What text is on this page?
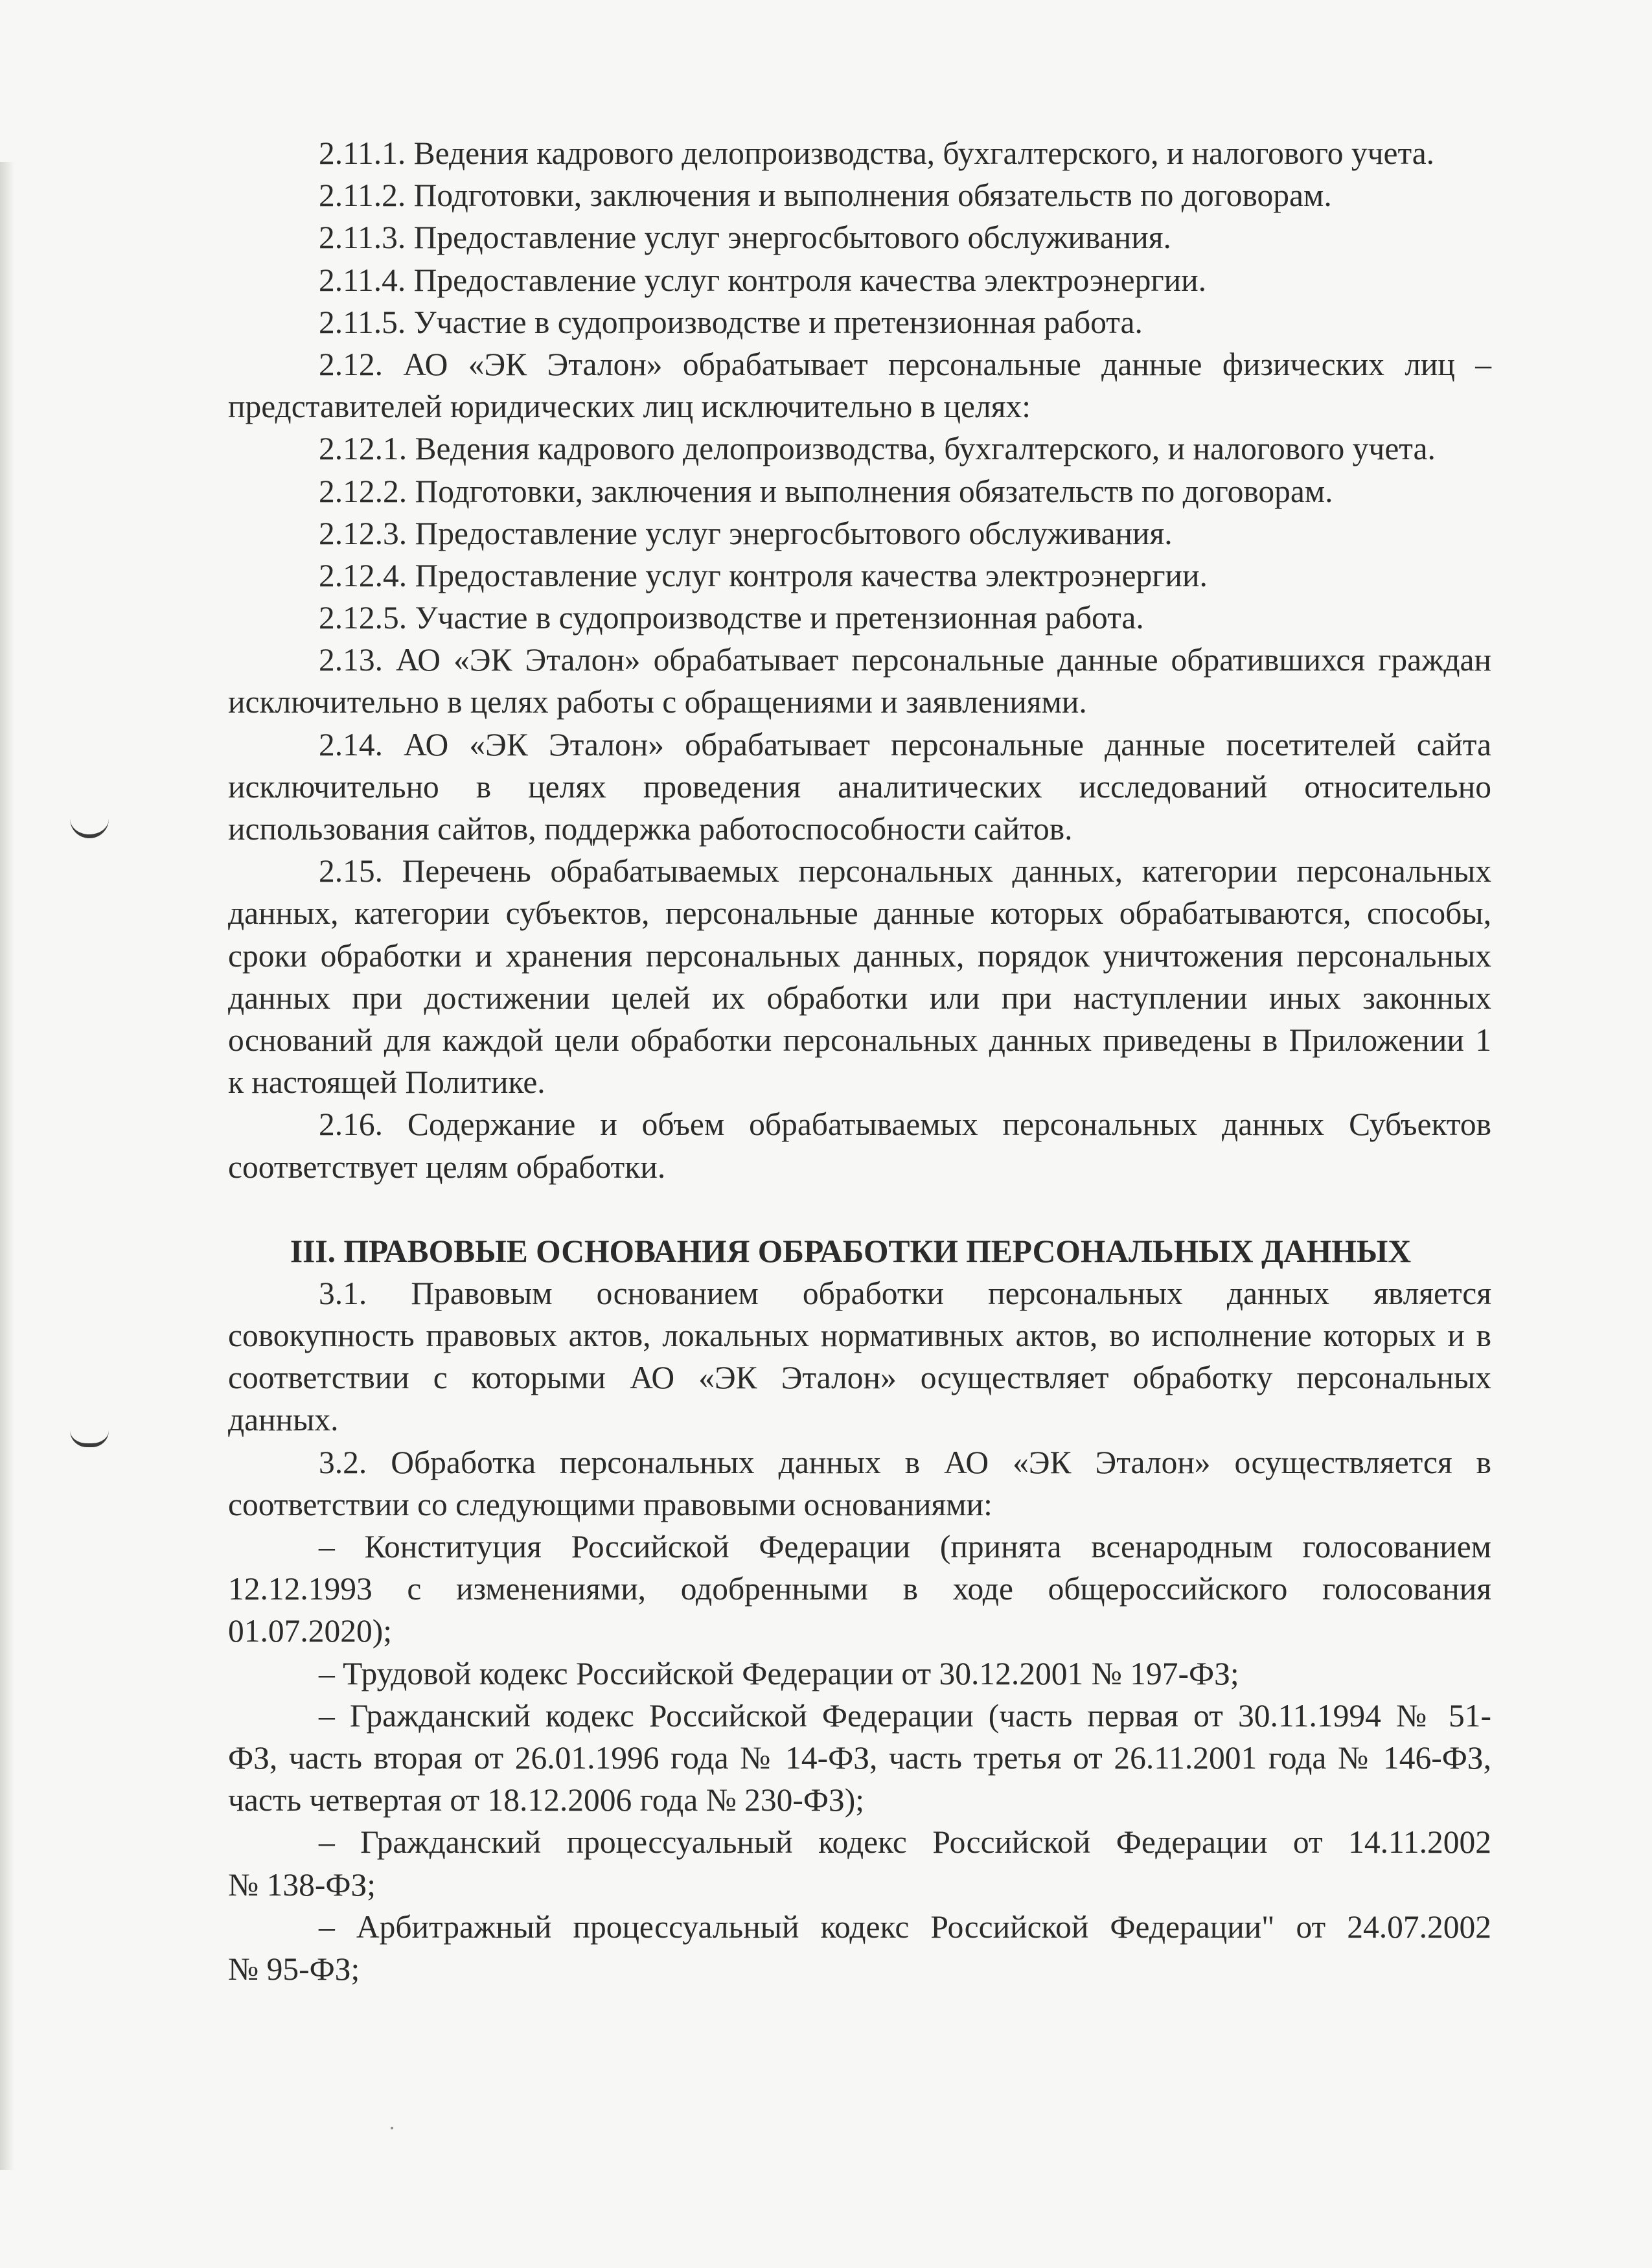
2.11.1. Ведения кадрового делопроизводства, бухгалтерского, и налогового учета.
2.11.2. Подготовки, заключения и выполнения обязательств по договорам.
2.11.3. Предоставление услуг энергосбытового обслуживания.
2.11.4. Предоставление услуг контроля качества электроэнергии.
2.11.5. Участие в судопроизводстве и претензионная работа.
2.12. АО «ЭК Эталон» обрабатывает персональные данные физических лиц –
представителей юридических лиц исключительно в целях:
2.12.1. Ведения кадрового делопроизводства, бухгалтерского, и налогового учета.
2.12.2. Подготовки, заключения и выполнения обязательств по договорам.
2.12.3. Предоставление услуг энергосбытового обслуживания.
2.12.4. Предоставление услуг контроля качества электроэнергии.
2.12.5. Участие в судопроизводстве и претензионная работа.
2.13. АО «ЭК Эталон» обрабатывает персональные данные обратившихся граждан
исключительно в целях работы с обращениями и заявлениями.
2.14. АО «ЭК Эталон» обрабатывает персональные данные посетителей сайта
исключительно в целях проведения аналитических исследований относительно
использования сайтов, поддержка работоспособности сайтов.
2.15. Перечень обрабатываемых персональных данных, категории персональных
данных, категории субъектов, персональные данные которых обрабатываются, способы,
сроки обработки и хранения персональных данных, порядок уничтожения персональных
данных при достижении целей их обработки или при наступлении иных законных
оснований для каждой цели обработки персональных данных приведены в Приложении 1
к настоящей Политике.
2.16. Содержание и объем обрабатываемых персональных данных Субъектов
соответствует целям обработки.
III. ПРАВОВЫЕ ОСНОВАНИЯ ОБРАБОТКИ ПЕРСОНАЛЬНЫХ ДАННЫХ
3.1. Правовым основанием обработки персональных данных является
совокупность правовых актов, локальных нормативных актов, во исполнение которых и в
соответствии с которыми АО «ЭК Эталон» осуществляет обработку персональных
данных.
3.2. Обработка персональных данных в АО «ЭК Эталон» осуществляется в
соответствии со следующими правовыми основаниями:
– Конституция Российской Федерации (принята всенародным голосованием
12.12.1993 с изменениями, одобренными в ходе общероссийского голосования
01.07.2020);
– Трудовой кодекс Российской Федерации от 30.12.2001 № 197-ФЗ;
– Гражданский кодекс Российской Федерации (часть первая от 30.11.1994 № 51-
ФЗ, часть вторая от 26.01.1996 года № 14-ФЗ, часть третья от 26.11.2001 года № 146-ФЗ,
часть четвертая от 18.12.2006 года № 230-ФЗ);
– Гражданский процессуальный кодекс Российской Федерации от 14.11.2002
№ 138-ФЗ;
– Арбитражный процессуальный кодекс Российской Федерации" от 24.07.2002
№ 95-ФЗ;
